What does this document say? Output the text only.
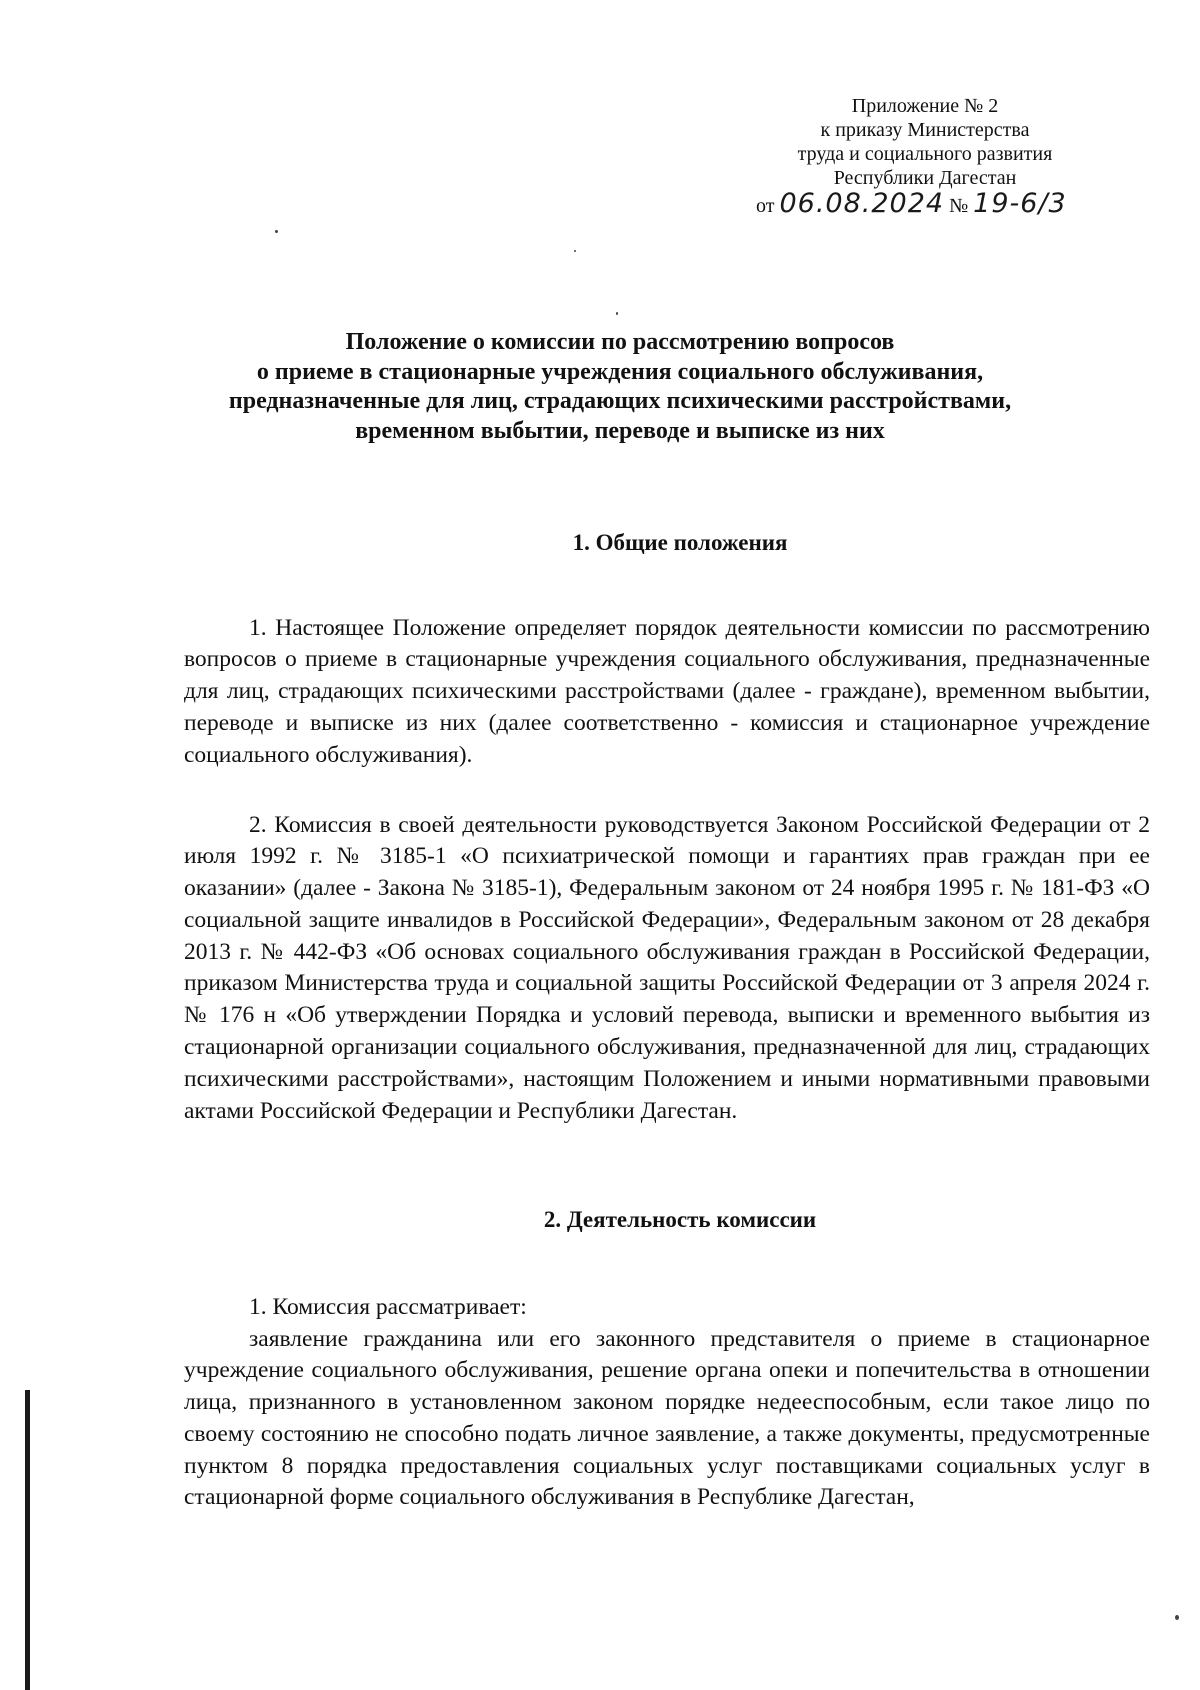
Приложение № 2
к приказу Министерства
труда и социального развития
Республики Дагестан
от 06.08.2024 № 19-6/3
Положение о комиссии по рассмотрению вопросов
о приеме в стационарные учреждения социального обслуживания,
предназначенные для лиц, страдающих психическими расстройствами,
временном выбытии, переводе и выписке из них
1. Общие положения

1. Настоящее Положение определяет порядок деятельности комиссии по рассмотрению вопросов о приеме в стационарные учреждения социального обслуживания, предназначенные для лиц, страдающих психическими расстройствами (далее - граждане), временном выбытии, переводе и выписке из них (далее соответственно - комиссия и стационарное учреждение социального обслуживания).

2. Комиссия в своей деятельности руководствуется Законом Российской Федерации от 2 июля 1992 г. № 3185-1 «О психиатрической помощи и гарантиях прав граждан при ее оказании» (далее - Закона № 3185-1), Федеральным законом от 24 ноября 1995 г. № 181-ФЗ «О социальной защите инвалидов в Российской Федерации», Федеральным законом от 28 декабря 2013 г. № 442-ФЗ «Об основах социального обслуживания граждан в Российской Федерации, приказом Министерства труда и социальной защиты Российской Федерации от 3 апреля 2024 г. № 176 н «Об утверждении Порядка и условий перевода, выписки и временного выбытия из стационарной организации социального обслуживания, предназначенной для лиц, страдающих психическими расстройствами», настоящим Положением и иными нормативными правовыми актами Российской Федерации и Республики Дагестан.

2. Деятельность комиссии

1. Комиссия рассматривает:

заявление гражданина или его законного представителя о приеме в стационарное учреждение социального обслуживания, решение органа опеки и попечительства в отношении лица, признанного в установленном законом порядке недееспособным, если такое лицо по своему состоянию не способно подать личное заявление, а также документы, предусмотренные пунктом 8 порядка предоставления социальных услуг поставщиками социальных услуг в стационарной форме социального обслуживания в Республике Дагестан,
